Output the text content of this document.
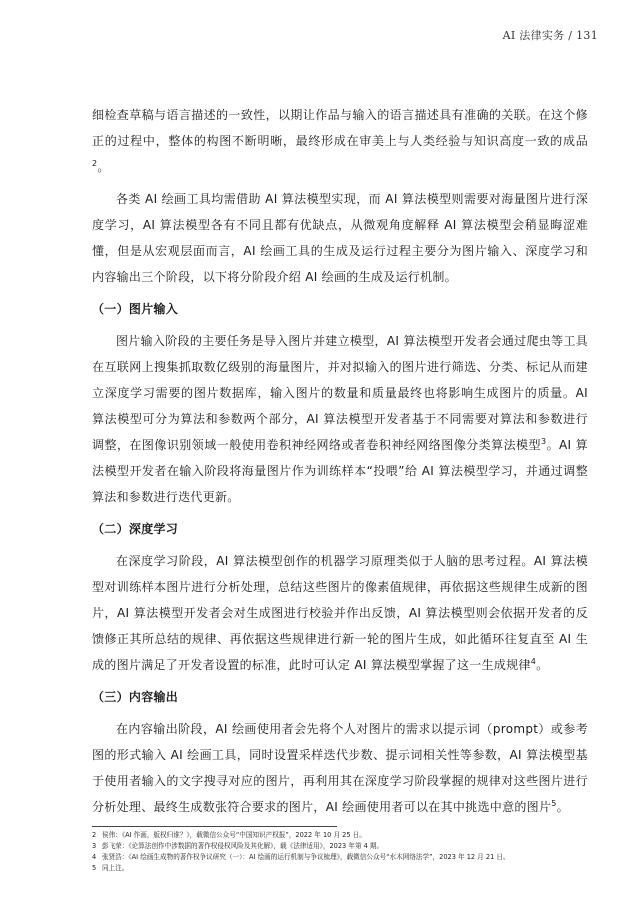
AI 法律实务 / 131

细检查草稿与语言描述的一致性，以期让作品与输入的语言描述具有准确的关联。在这个修正的过程中，整体的构图不断明晰，最终形成在审美上与人类经验与知识高度一致的成品$^2$。

各类 AI 绘画工具均需借助 AI 算法模型实现，而 AI 算法模型则需要对海量图片进行深度学习，AI 算法模型各有不同且都有优缺点，从微观角度解释 AI 算法模型会稍显晦涩难懂，但是从宏观层面而言，AI 绘画工具的生成及运行过程主要分为图片输入、深度学习和内容输出三个阶段，以下将分阶段介绍 AI 绘画的生成及运行机制。

（一）图片输入

图片输入阶段的主要任务是导入图片并建立模型，AI 算法模型开发者会通过爬虫等工具在互联网上搜集抓取数亿级别的海量图片，并对拟输入的图片进行筛选、分类、标记从而建立深度学习需要的图片数据库，输入图片的数量和质量最终也将影响生成图片的质量。AI 算法模型可分为算法和参数两个部分，AI 算法模型开发者基于不同需要对算法和参数进行调整，在图像识别领域一般使用卷积神经网络或者卷积神经网络图像分类算法模型$^3$。AI 算法模型开发者在输入阶段将海量图片作为训练样本“投喂”给 AI 算法模型学习，并通过调整算法和参数进行迭代更新。

（二）深度学习

在深度学习阶段，AI 算法模型创作的机器学习原理类似于人脑的思考过程。AI 算法模型对训练样本图片进行分析处理，总结这些图片的像素值规律，再依据这些规律生成新的图片，AI 算法模型开发者会对生成图进行校验并作出反馈，AI 算法模型则会依据开发者的反馈修正其所总结的规律、再依据这些规律进行新一轮的图片生成，如此循环往复直至 AI 生成的图片满足了开发者设置的标准，此时可认定 AI 算法模型掌握了这一生成规律$^4$。

（三）内容输出

在内容输出阶段，AI 绘画使用者会先将个人对图片的需求以提示词（prompt）或参考图的形式输入 AI 绘画工具，同时设置采样迭代步数、提示词相关性等参数，AI 算法模型基于使用者输入的文字搜寻对应的图片，再利用其在深度学习阶段掌握的规律对这些图片进行分析处理、最终生成数张符合要求的图片，AI 绘画使用者可以在其中挑选中意的图片$^5$。

2 侯伟：《AI 作画，版权归谁？》，载微信公众号“中国知识产权报”，2022 年 10 月 25 日。
3 彭飞荣：《论算法创作中涉数据的著作权侵权风险及其化解》，载《法律适用》，2023 年第 4 期。
4 张贤浩：《AI 绘画生成物的著作权争议研究（一）：AI 绘画的运行机制与争议梳理》，载微信公众号“水木网络法学”，2023 年 12 月 21 日。
5 同上注。
